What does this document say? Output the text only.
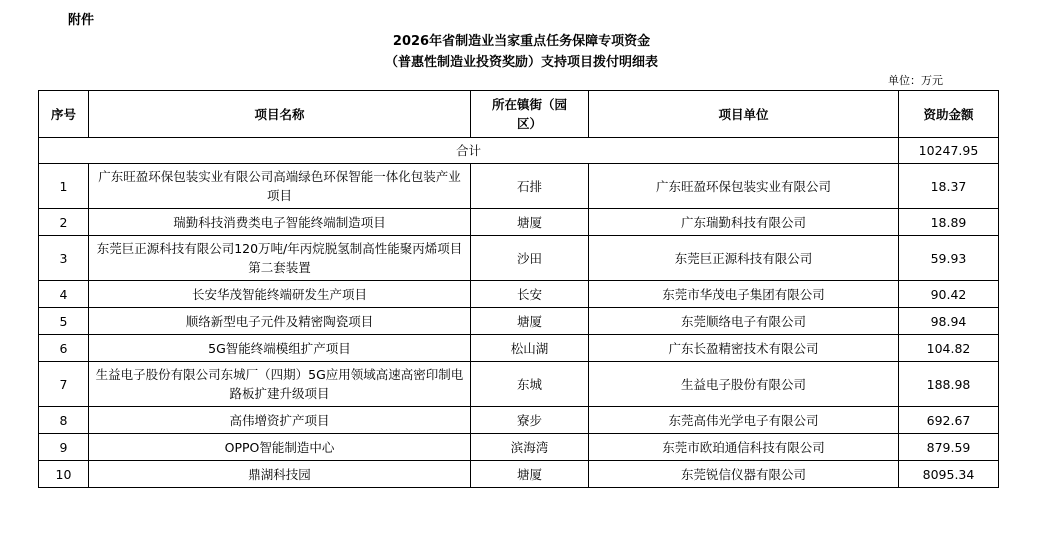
附件
2026年省制造业当家重点任务保障专项资金
（普惠性制造业投资奖励）支持项目拨付明细表
单位：万元
序号	项目名称	所在镇街（园区）	项目单位	资助金额
合计				10247.95
1	广东旺盈环保包装实业有限公司高端绿色环保智能一体化包装产业项目	石排	广东旺盈环保包装实业有限公司	18.37
2	瑞勤科技消费类电子智能终端制造项目	塘厦	广东瑞勤科技有限公司	18.89
3	东莞巨正源科技有限公司120万吨/年丙烷脱氢制高性能聚丙烯项目第二套装置	沙田	东莞巨正源科技有限公司	59.93
4	长安华茂智能终端研发生产项目	长安	东莞市华茂电子集团有限公司	90.42
5	顺络新型电子元件及精密陶瓷项目	塘厦	东莞顺络电子有限公司	98.94
6	5G智能终端模组扩产项目	松山湖	广东长盈精密技术有限公司	104.82
7	生益电子股份有限公司东城厂（四期）5G应用领域高速高密印制电路板扩建升级项目	东城	生益电子股份有限公司	188.98
8	高伟增资扩产项目	寮步	东莞高伟光学电子有限公司	692.67
9	OPPO智能制造中心	滨海湾	东莞市欧珀通信科技有限公司	879.59
10	鼎湖科技园	塘厦	东莞锐信仪器有限公司	8095.34
